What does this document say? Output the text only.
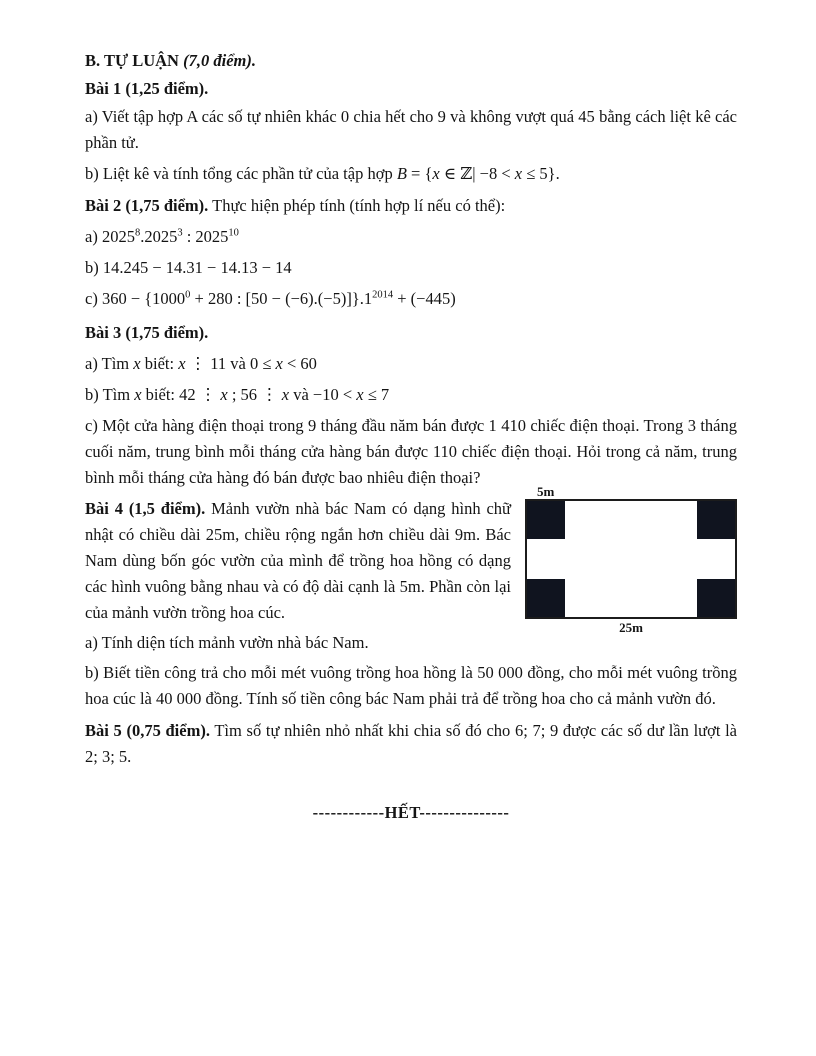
B. TỰ LUẬN (7,0 điểm).

Bài 1 (1,25 điểm).

a) Viết tập hợp A các số tự nhiên khác 0 chia hết cho 9 và không vượt quá 45 bằng cách liệt kê các phần tử.

b) Liệt kê và tính tổng các phần tử của tập hợp B = {x ∈ ℤ| −8 < x ≤ 5}.

Bài 2 (1,75 điểm). Thực hiện phép tính (tính hợp lí nếu có thể):

a) 2025$^8$.2025$^3$ : 2025$^{10}$

b) 14.245 − 14.31 − 14.13 − 14

c) $360 - \{1000^0 + 280$ : $[50 - (-6).(-5)]\}.1^{2014} + (-445)$

Bài 3 (1,75 điểm).

a) Tìm x biết: x ⋮ 11 và 0 ≤ x < 60

b) Tìm x biết: 42 ⋮ x ; 56 ⋮ x và −10 < x ≤ 7

c) Một cửa hàng điện thoại trong 9 tháng đầu năm bán được 1 410 chiếc điện thoại. Trong 3 tháng cuối năm, trung bình mỗi tháng cửa hàng bán được 110 chiếc điện thoại. Hỏi trong cả năm, trung bình mỗi tháng cửa hàng đó bán được bao nhiêu điện thoại?

5m
25m

Bài 4 (1,5 điểm). Mảnh vườn nhà bác Nam có dạng hình chữ nhật có chiều dài 25m, chiều rộng ngắn hơn chiều dài 9m. Bác Nam dùng bốn góc vườn của mình để trồng hoa hồng có dạng các hình vuông bằng nhau và có độ dài cạnh là 5m. Phần còn lại của mảnh vườn trồng hoa cúc.

a) Tính diện tích mảnh vườn nhà bác Nam.

b) Biết tiền công trả cho mỗi mét vuông trồng hoa hồng là 50 000 đồng, cho mỗi mét vuông trồng hoa cúc là 40 000 đồng. Tính số tiền công bác Nam phải trả để trồng hoa cho cả mảnh vườn đó.

Bài 5 (0,75 điểm). Tìm số tự nhiên nhỏ nhất khi chia số đó cho 6; 7; 9 được các số dư lần lượt là 2; 3; 5.

------------HẾT---------------
